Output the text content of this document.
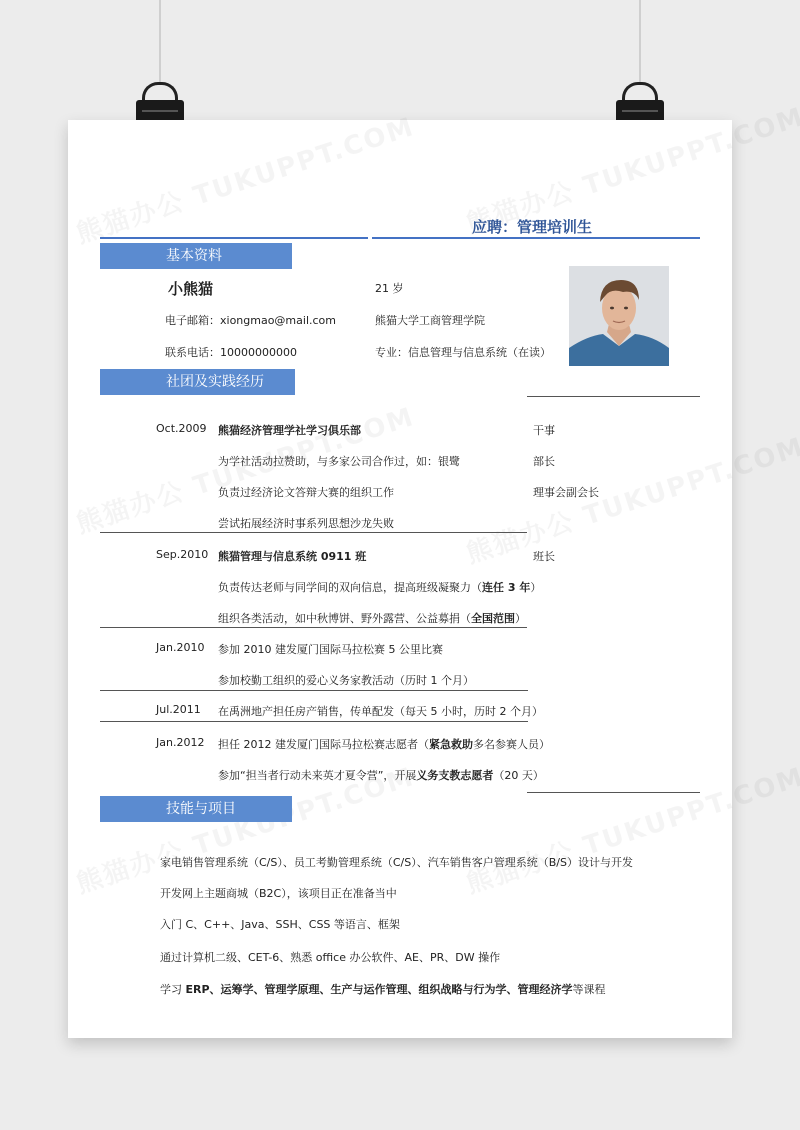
应聘：管理培训生
基本资料
小熊猫	21 岁
电子邮箱：xiongmao@mail.com	熊猫大学工商管理学院
联系电话：10000000000	专业：信息管理与信息系统（在读）
社团及实践经历
技能与项目
Oct.2009 熊猫经济管理学社学习俱乐部	干事
为学社活动拉赞助，与多家公司合作过，如：银鹭	部长
负责过经济论文答辩大赛的组织工作	理事会副会长
尝试拓展经济时事系列思想沙龙失败
Sep.2010 熊猫管理与信息系统 0911 班	班长
负责传达老师与同学间的双向信息，提高班级凝聚力（连任 3 年）
组织各类活动，如中秋博饼、野外露营、公益募捐（全国范围）
Jan.2010 参加 2010 建发厦门国际马拉松赛 5 公里比赛
参加校勤工组织的爱心义务家教活动（历时 1 个月）
Jul.2011 在禹洲地产担任房产销售，传单配发（每天 5 小时，历时 2 个月）
Jan.2012 担任 2012 建发厦门国际马拉松赛志愿者（紧急救助多名参赛人员）
参加“担当者行动未来英才夏令营”，开展义务支教志愿者（20 天）
家电销售管理系统（C/S）、员工考勤管理系统（C/S）、汽车销售客户管理系统（B/S）设计与开发
开发网上主题商城（B2C），该项目正在准备当中
入门 C、C++、Java、SSH、CSS 等语言、框架
通过计算机二级、CET-6、熟悉 office 办公软件、AE、PR、DW 操作
学习 ERP、运筹学、管理学原理、生产与运作管理、组织战略与行为学、管理经济学等课程
